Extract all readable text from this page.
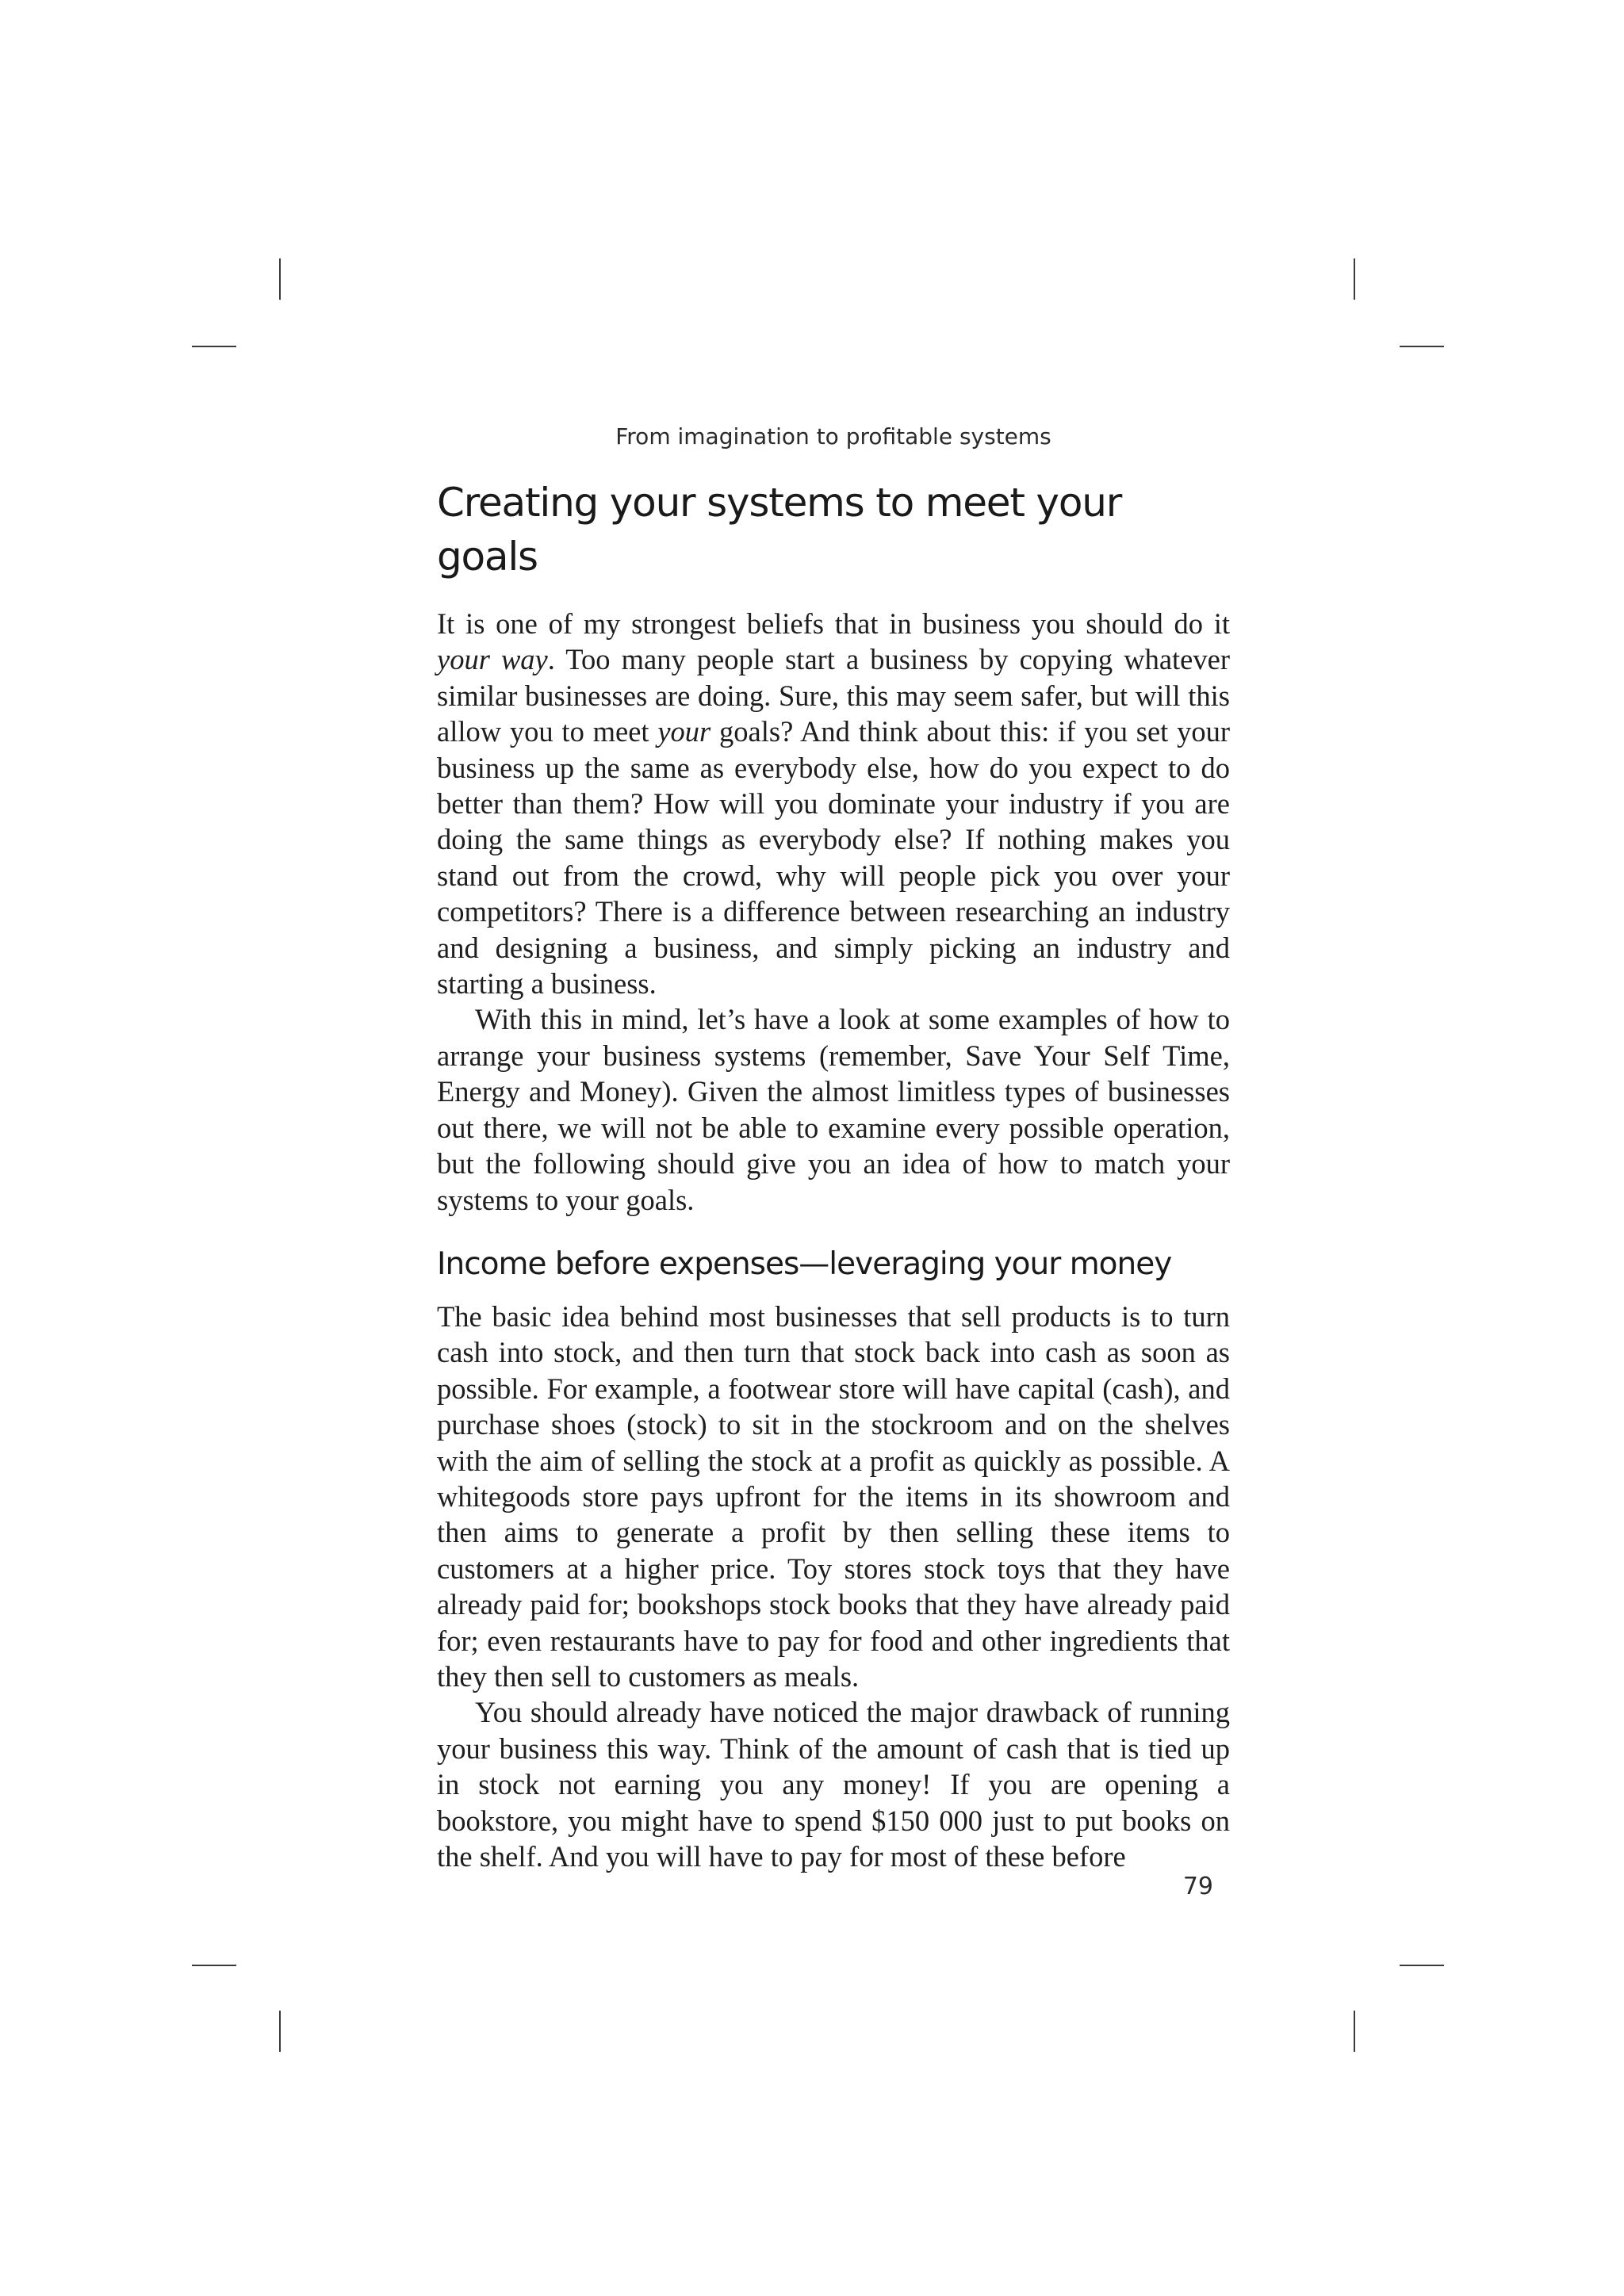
From imagination to profitable systems
Creating your systems to meet your goals

It is one of my strongest beliefs that in business you should do it your way. Too many people start a business by copying whatever similar businesses are doing. Sure, this may seem safer, but will this allow you to meet your goals? And think about this: if you set your business up the same as everybody else, how do you expect to do better than them? How will you dominate your industry if you are doing the same things as everybody else? If nothing makes you stand out from the crowd, why will people pick you over your competitors? There is a difference between researching an industry and designing a business, and simply picking an industry and starting a business.

With this in mind, let’s have a look at some examples of how to arrange your business systems (remember, Save Your Self Time, Energy and Money). Given the almost limitless types of businesses out there, we will not be able to examine every possible operation, but the following should give you an idea of how to match your systems to your goals.

Income before expenses—leveraging your money

The basic idea behind most businesses that sell products is to turn cash into stock, and then turn that stock back into cash as soon as possible. For example, a footwear store will have capital (cash), and purchase shoes (stock) to sit in the stockroom and on the shelves with the aim of selling the stock at a profit as quickly as possible. A whitegoods store pays upfront for the items in its showroom and then aims to generate a profit by then selling these items to customers at a higher price. Toy stores stock toys that they have already paid for; bookshops stock books that they have already paid for; even restaurants have to pay for food and other ingredients that they then sell to customers as meals.

You should already have noticed the major drawback of running your business this way. Think of the amount of cash that is tied up in stock not earning you any money! If you are opening a bookstore, you might have to spend $150 000 just to put books on the shelf. And you will have to pay for most of these before

79
